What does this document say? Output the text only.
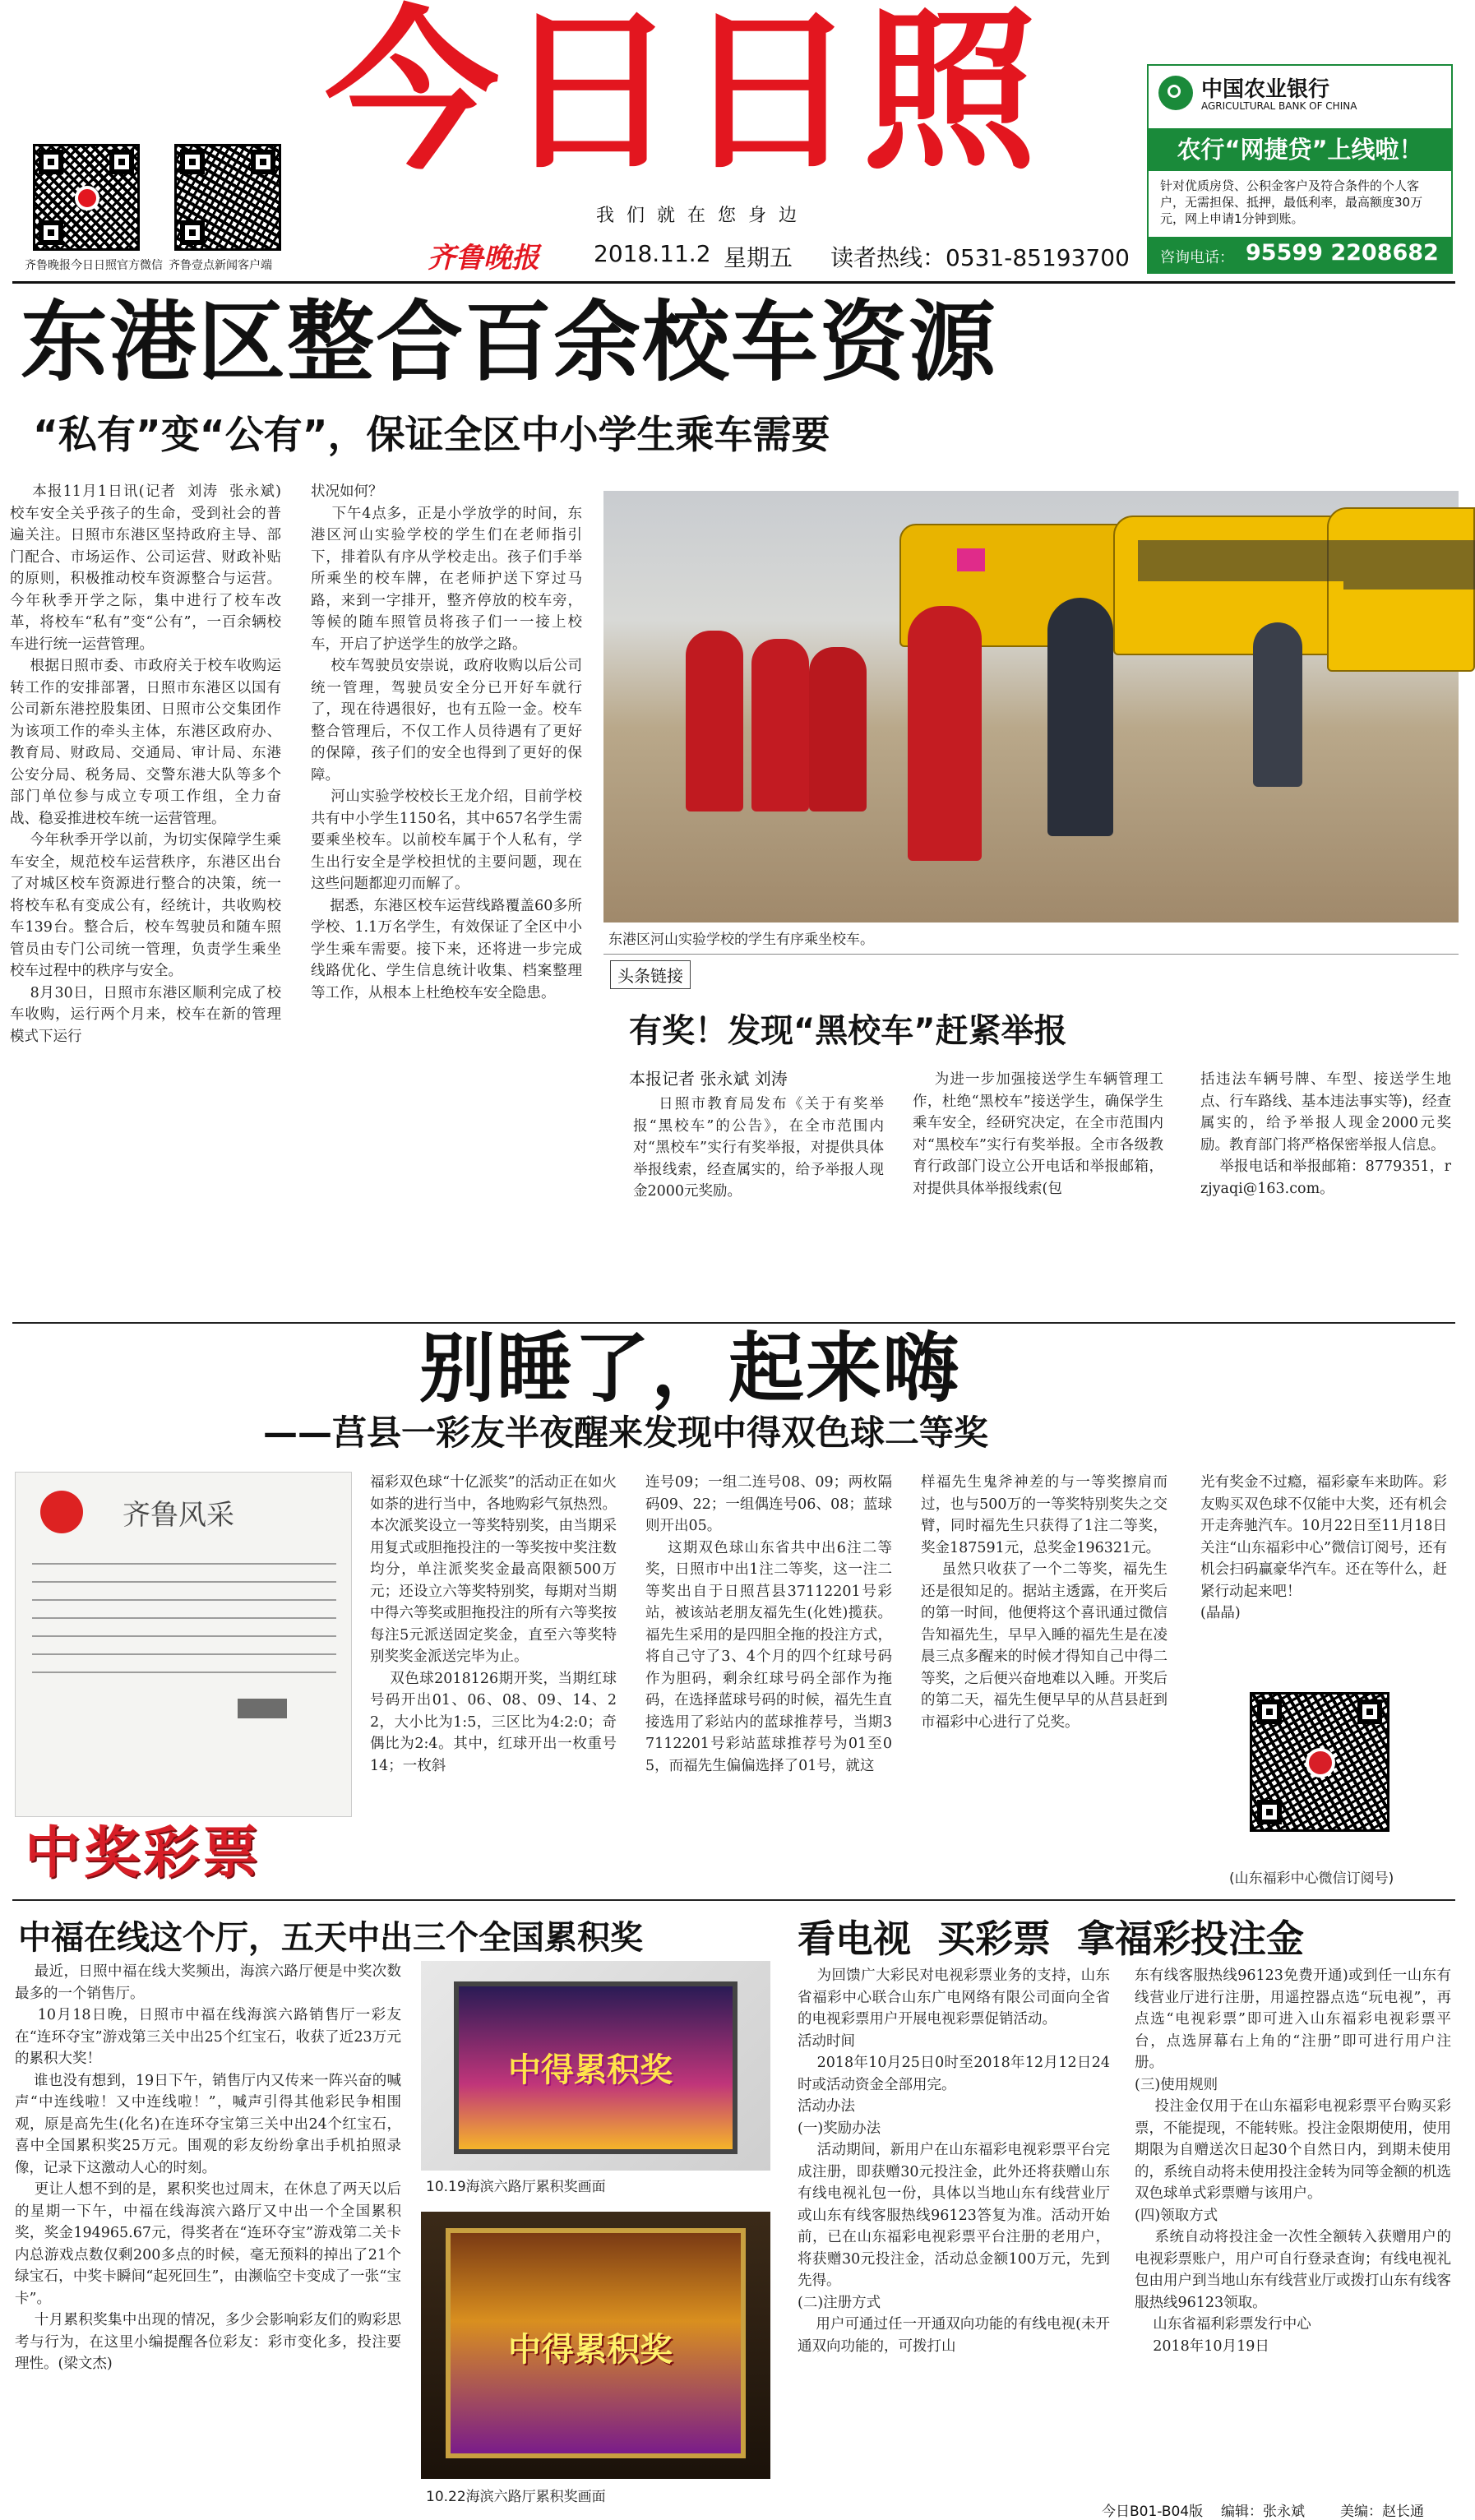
齐鲁晚报今日日照官方微信 齐鲁壹点新闻客户端
今日日照
我 们 就 在 您 身 边
齐鲁晚报 2018.11.2 星期五 读者热线：0531-85193700
中国农业银行
AGRICULTURAL BANK OF CHINA
农行“网捷贷”上线啦！
针对优质房贷、公积金客户及符合条件的个人客户，无需担保、抵押，最低利率，最高额度30万元，网上申请1分钟到账。
咨询电话： 95599 2208682
东港区整合百余校车资源
“私有”变“公有”，保证全区中小学生乘车需要
本报11月1日讯(记者  刘涛  张永斌)  校车安全关乎孩子的生命，受到社会的普遍关注。日照市东港区坚持政府主导、部门配合、市场运作、公司运营、财政补贴的原则，积极推动校车资源整合与运营。今年秋季开学之际，集中进行了校车改革，将校车“私有”变“公有”，一百余辆校车进行统一运营管理。
根据日照市委、市政府关于校车收购运转工作的安排部署，日照市东港区以国有公司新东港控股集团、日照市公交集团作为该项工作的牵头主体，东港区政府办、教育局、财政局、交通局、审计局、东港公安分局、税务局、交警东港大队等多个部门单位参与成立专项工作组，全力奋战、稳妥推进校车统一运营管理。
今年秋季开学以前，为切实保障学生乘车安全，规范校车运营秩序，东港区出台了对城区校车资源进行整合的决策，统一将校车私有变成公有，经统计，共收购校车139台。整合后，校车驾驶员和随车照管员由专门公司统一管理，负责学生乘坐校车过程中的秩序与安全。
8月30日，日照市东港区顺利完成了校车收购，运行两个月来，校车在新的管理模式下运行
状况如何？
下午4点多，正是小学放学的时间，东港区河山实验学校的学生们在老师指引下，排着队有序从学校走出。孩子们手举所乘坐的校车牌，在老师护送下穿过马路，来到一字排开，整齐停放的校车旁，等候的随车照管员将孩子们一一接上校车，开启了护送学生的放学之路。
校车驾驶员安崇说，政府收购以后公司统一管理，驾驶员安全分已开好车就行了，现在待遇很好，也有五险一金。校车整合管理后，不仅工作人员待遇有了更好的保障，孩子们的安全也得到了更好的保障。
河山实验学校校长王龙介绍，目前学校共有中小学生1150名，其中657名学生需要乘坐校车。以前校车属于个人私有，学生出行安全是学校担忧的主要问题，现在这些问题都迎刃而解了。
据悉，东港区校车运营线路覆盖60多所学校、1.1万名学生，有效保证了全区中小学生乘车需要。接下来，还将进一步完成线路优化、学生信息统计收集、档案整理等工作，从根本上杜绝校车安全隐患。
东港区河山实验学校的学生有序乘坐校车。
头条链接
有奖！发现“黑校车”赶紧举报
本报记者 张永斌 刘涛
日照市教育局发布《关于有奖举报“黑校车”的公告》，在全市范围内对“黑校车”实行有奖举报，对提供具体举报线索，经查属实的，给予举报人现金2000元奖励。
为进一步加强接送学生车辆管理工作，杜绝“黑校车”接送学生，确保学生乘车安全，经研究决定，在全市范围内对“黑校车”实行有奖举报。全市各级教育行政部门设立公开电话和举报邮箱，对提供具体举报线索(包
括违法车辆号牌、车型、接送学生地点、行车路线、基本违法事实等)，经查属实的，给予举报人现金2000元奖励。教育部门将严格保密举报人信息。
举报电话和举报邮箱：8779351，rzjyaqi@163.com。
别睡了，起来嗨
——莒县一彩友半夜醒来发现中得双色球二等奖
齐鲁风采
中奖彩票
福彩双色球“十亿派奖”的活动正在如火如荼的进行当中，各地购彩气氛热烈。本次派奖设立一等奖特别奖，由当期采用复式或胆拖投注的一等奖按中奖注数均分，单注派奖奖金最高限额500万元；还设立六等奖特别奖，每期对当期中得六等奖或胆拖投注的所有六等奖按每注5元派送固定奖金，直至六等奖特别奖奖金派送完毕为止。
双色球2018126期开奖，当期红球号码开出01、06、08、09、14、22，大小比为1:5，三区比为4:2:0；奇偶比为2:4。其中，红球开出一枚重号14；一枚斜
连号09；一组二连号08、09；两枚隔码09、22；一组偶连号06、08；蓝球则开出05。
这期双色球山东省共中出6注二等奖，日照市中出1注二等奖，这一注二等奖出自于日照莒县37112201号彩站，被该站老朋友福先生(化姓)揽获。福先生采用的是四胆全拖的投注方式，将自己守了3、4个月的四个红球号码作为胆码，剩余红球号码全部作为拖码，在选择蓝球号码的时候，福先生直接选用了彩站内的蓝球推荐号，当期37112201号彩站蓝球推荐号为01至05，而福先生偏偏选择了01号，就这
样福先生鬼斧神差的与一等奖擦肩而过，也与500万的一等奖特别奖失之交臂，同时福先生只获得了1注二等奖，奖金187591元，总奖金196321元。
虽然只收获了一个二等奖，福先生还是很知足的。据站主透露，在开奖后的第一时间，他便将这个喜讯通过微信告知福先生，早早入睡的福先生是在凌晨三点多醒来的时候才得知自己中得二等奖，之后便兴奋地难以入睡。开奖后的第二天，福先生便早早的从莒县赶到市福彩中心进行了兑奖。
光有奖金不过瘾，福彩豪车来助阵。彩友购买双色球不仅能中大奖，还有机会开走奔驰汽车。10月22日至11月18日关注“山东福彩中心”微信订阅号，还有机会扫码赢豪华汽车。还在等什么，赶紧行动起来吧！
(晶晶)
(山东福彩中心微信订阅号)
中福在线这个厅，五天中出三个全国累积奖
最近，日照中福在线大奖频出，海滨六路厅便是中奖次数最多的一个销售厅。
10月18日晚，日照市中福在线海滨六路销售厅一彩友在“连环夺宝”游戏第三关中出25个红宝石，收获了近23万元的累积大奖！
谁也没有想到，19日下午，销售厅内又传来一阵兴奋的喊声“中连线啦！又中连线啦！”，喊声引得其他彩民争相围观，原是高先生(化名)在连环夺宝第三关中出24个红宝石，喜中全国累积奖25万元。围观的彩友纷纷拿出手机拍照录像，记录下这激动人心的时刻。
更让人想不到的是，累积奖也过周末，在休息了两天以后的星期一下午，中福在线海滨六路厅又中出一个全国累积奖，奖金194965.67元，得奖者在“连环夺宝”游戏第二关卡内总游戏点数仅剩200多点的时候，毫无预料的掉出了21个绿宝石，中奖卡瞬间“起死回生”，由濒临空卡变成了一张“宝卡”。
十月累积奖集中出现的情况，多少会影响彩友们的购彩思考与行为，在这里小编提醒各位彩友：彩市变化多，投注要理性。(梁文杰)
中得累积奖
10.19海滨六路厅累积奖画面
中得累积奖
10.22海滨六路厅累积奖画面
看电视  买彩票  拿福彩投注金
为回馈广大彩民对电视彩票业务的支持，山东省福彩中心联合山东广电网络有限公司面向全省的电视彩票用户开展电视彩票促销活动。
活动时间
2018年10月25日0时至2018年12月12日24时或活动资金全部用完。
活动办法
(一)奖励办法
活动期间，新用户在山东福彩电视彩票平台完成注册，即获赠30元投注金，此外还将获赠山东有线电视礼包一份，具体以当地山东有线营业厅或山东有线客服热线96123答复为准。活动开始前，已在山东福彩电视彩票平台注册的老用户，将获赠30元投注金，活动总金额100万元，先到先得。
(二)注册方式
用户可通过任一开通双向功能的有线电视(未开通双向功能的，可拨打山
东有线客服热线96123免费开通)或到任一山东有线营业厅进行注册，用遥控器点选“玩电视”，再点选“电视彩票”即可进入山东福彩电视彩票平台，点选屏幕右上角的“注册”即可进行用户注册。
(三)使用规则
投注金仅用于在山东福彩电视彩票平台购买彩票，不能提现，不能转账。投注金限期使用，使用期限为自赠送次日起30个自然日内，到期未使用的，系统自动将未使用投注金转为同等金额的机选双色球单式彩票赠与该用户。
(四)领取方式
系统自动将投注金一次性全额转入获赠用户的电视彩票账户，用户可自行登录查询；有线电视礼包由用户到当地山东有线营业厅或拨打山东有线客服热线96123领取。
山东省福利彩票发行中心
2018年10月19日
今日B01-B04版 编辑：张永斌	美编：赵长通
